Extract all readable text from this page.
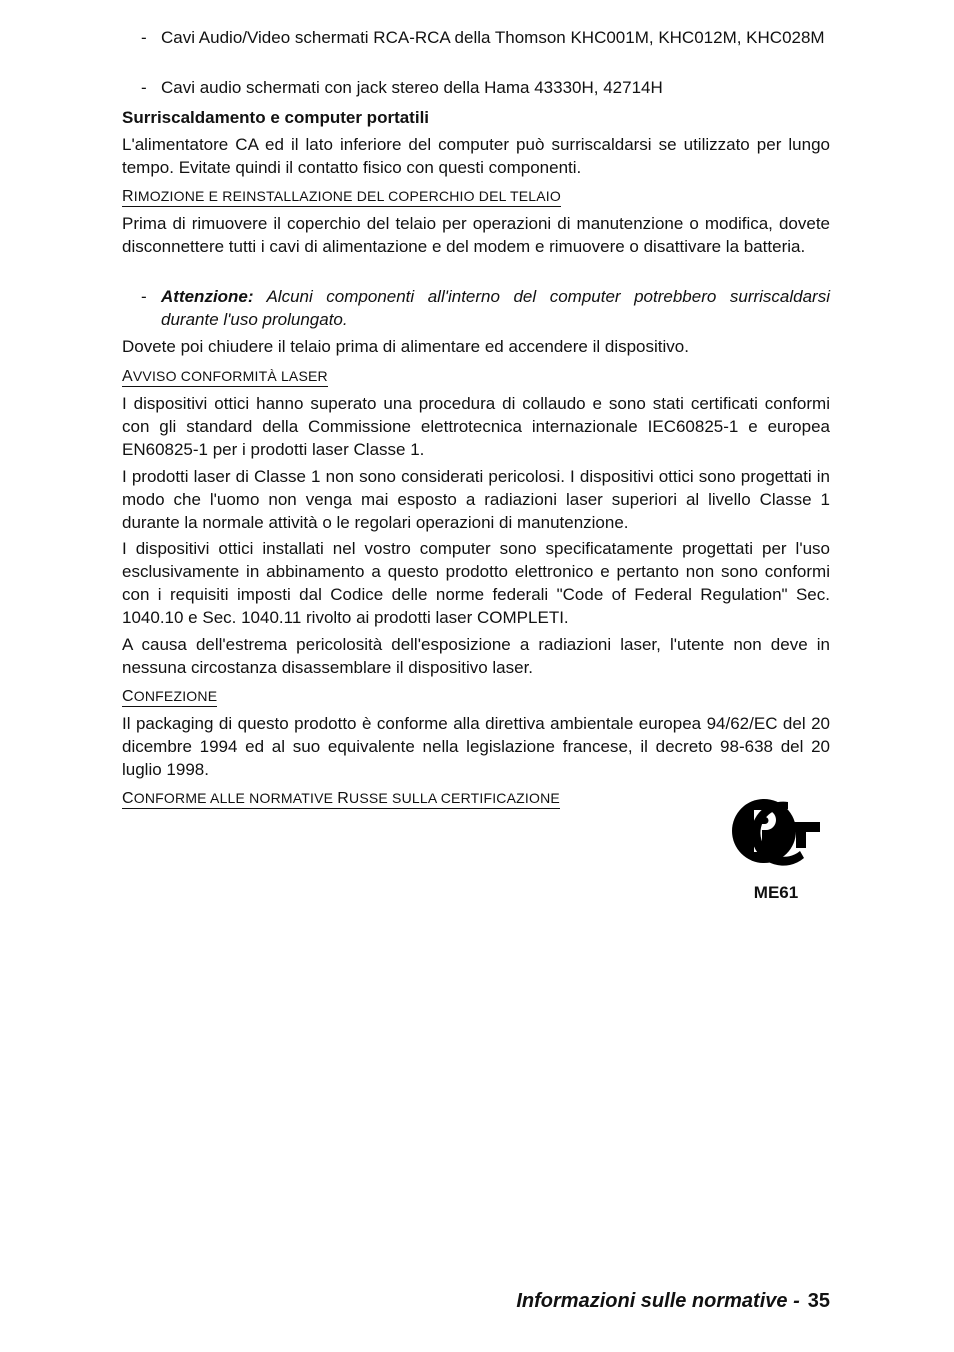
- Cavi Audio/Video schermati RCA-RCA della Thomson KHC001M, KHC012M, KHC028M
- Cavi audio schermati con jack stereo della Hama 43330H, 42714H
Surriscaldamento e computer portatili

L'alimentatore CA ed il lato inferiore del computer può surriscaldarsi se utilizzato per lungo tempo. Evitate quindi il contatto fisico con questi componenti.

RIMOZIONE E REINSTALLAZIONE DEL COPERCHIO DEL TELAIO

Prima di rimuovere il coperchio del telaio per operazioni di manutenzione o modifica, dovete disconnettere tutti i cavi di alimentazione e del modem e rimuovere o disattivare la batteria.

- Attenzione: Alcuni componenti all'interno del computer potrebbero surriscaldarsi durante l'uso prolungato.

Dovete poi chiudere il telaio prima di alimentare ed accendere il dispositivo.

AVVISO CONFORMITÀ LASER

I dispositivi ottici hanno superato una procedura di collaudo e sono stati certificati conformi con gli standard della Commissione elettrotecnica internazionale IEC60825-1 e europea EN60825-1 per i prodotti laser Classe 1.

I prodotti laser di Classe 1 non sono considerati pericolosi. I dispositivi ottici sono progettati in modo che l'uomo non venga mai esposto a radiazioni laser superiori al livello Classe 1 durante la normale attività o le regolari operazioni di manutenzione.

I dispositivi ottici installati nel vostro computer sono specificatamente progettati per l'uso esclusivamente in abbinamento a questo prodotto elettronico e pertanto non sono conformi con i requisiti imposti dal Codice delle norme federali "Code of Federal Regulation" Sec. 1040.10 e Sec. 1040.11 rivolto ai prodotti laser COMPLETI.

A causa dell'estrema pericolosità dell'esposizione a radiazioni laser, l'utente non deve in nessuna circostanza disassemblare il dispositivo laser.

CONFEZIONE

Il packaging di questo prodotto è conforme alla direttiva ambientale europea 94/62/EC del 20 dicembre 1994 ed al suo equivalente nella legislazione francese, il decreto 98-638 del 20 luglio 1998.

CONFORME ALLE NORMATIVE RUSSE SULLA CERTIFICAZIONE
ME61
Informazioni sulle normative - 35
